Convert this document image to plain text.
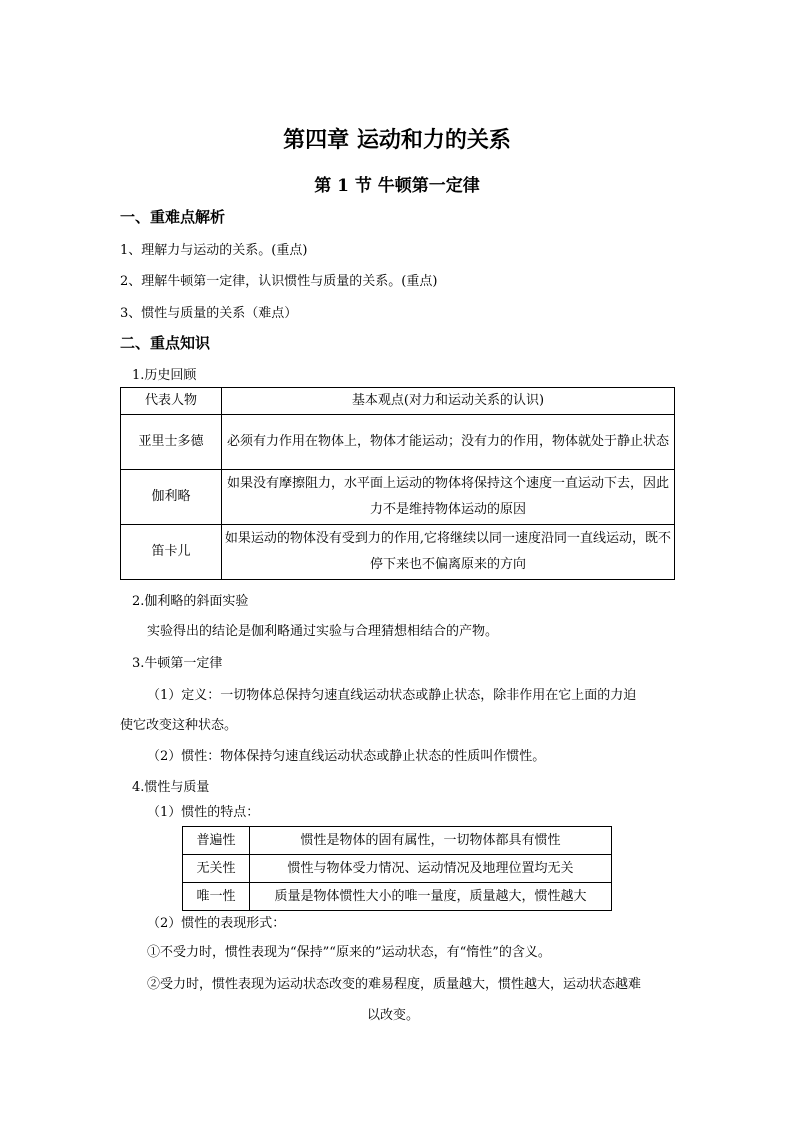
第四章 运动和力的关系
第 1 节 牛顿第一定律
一、重难点解析
1、理解力与运动的关系。(重点)
2、理解牛顿第一定律，认识惯性与质量的关系。(重点)
3、惯性与质量的关系（难点）
二、重点知识
1.历史回顾
代表人物	基本观点(对力和运动关系的认识)
亚里士多德	必须有力作用在物体上，物体才能运动；没有力的作用，物体就处于静止状态
伽利略	如果没有摩擦阻力，水平面上运动的物体将保持这个速度一直运动下去，因此力不是维持物体运动的原因
笛卡儿	如果运动的物体没有受到力的作用,它将继续以同一速度沿同一直线运动，既不停下来也不偏离原来的方向
2.伽利略的斜面实验
实验得出的结论是伽利略通过实验与合理猜想相结合的产物。
3.牛顿第一定律
（1）定义：一切物体总保持匀速直线运动状态或静止状态，除非作用在它上面的力迫
使它改变这种状态。
（2）惯性：物体保持匀速直线运动状态或静止状态的性质叫作惯性。
4.惯性与质量
（1）惯性的特点：
普遍性	惯性是物体的固有属性，一切物体都具有惯性
无关性	惯性与物体受力情况、运动情况及地理位置均无关
唯一性	质量是物体惯性大小的唯一量度，质量越大，惯性越大
（2）惯性的表现形式：
①不受力时，惯性表现为“保持”“原来的”运动状态，有“惰性”的含义。
②受力时，惯性表现为运动状态改变的难易程度，质量越大，惯性越大，运动状态越难
以改变。
